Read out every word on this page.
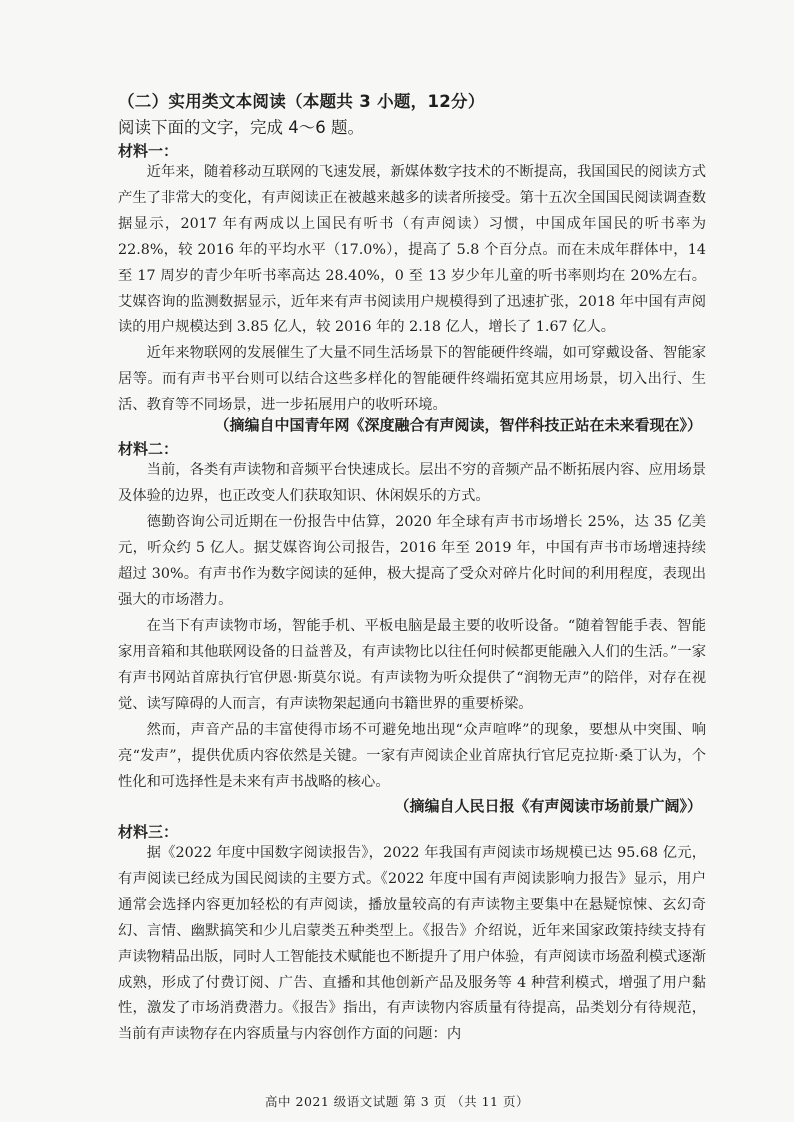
（二）实用类文本阅读（本题共 3 小题，12分）
阅读下面的文字，完成 4～6 题。
材料一：

近年来，随着移动互联网的飞速发展，新媒体数字技术的不断提高，我国国民的阅读方式产生了非常大的变化，有声阅读正在被越来越多的读者所接受。第十五次全国国民阅读调查数据显示，2017 年有两成以上国民有听书（有声阅读）习惯，中国成年国民的听书率为 22.8%，较 2016 年的平均水平（17.0%），提高了 5.8 个百分点。而在未成年群体中，14 至 17 周岁的青少年听书率高达 28.40%，0 至 13 岁少年儿童的听书率则均在 20%左右。艾媒咨询的监测数据显示，近年来有声书阅读用户规模得到了迅速扩张，2018 年中国有声阅读的用户规模达到 3.85 亿人，较 2016 年的 2.18 亿人，增长了 1.67 亿人。

近年来物联网的发展催生了大量不同生活场景下的智能硬件终端，如可穿戴设备、智能家居等。而有声书平台则可以结合这些多样化的智能硬件终端拓宽其应用场景，切入出行、生活、教育等不同场景，进一步拓展用户的收听环境。

（摘编自中国青年网《深度融合有声阅读，智伴科技正站在未来看现在》）
材料二：

当前，各类有声读物和音频平台快速成长。层出不穷的音频产品不断拓展内容、应用场景及体验的边界，也正改变人们获取知识、休闲娱乐的方式。

德勤咨询公司近期在一份报告中估算，2020 年全球有声书市场增长 25%，达 35 亿美元，听众约 5 亿人。据艾媒咨询公司报告，2016 年至 2019 年，中国有声书市场增速持续超过 30%。有声书作为数字阅读的延伸，极大提高了受众对碎片化时间的利用程度，表现出强大的市场潜力。

在当下有声读物市场，智能手机、平板电脑是最主要的收听设备。“随着智能手表、智能家用音箱和其他联网设备的日益普及，有声读物比以往任何时候都更能融入人们的生活。”一家有声书网站首席执行官伊恩·斯莫尔说。有声读物为听众提供了“润物无声”的陪伴，对存在视觉、读写障碍的人而言，有声读物架起通向书籍世界的重要桥梁。

然而，声音产品的丰富使得市场不可避免地出现“众声喧哗”的现象，要想从中突围、响亮“发声”，提供优质内容依然是关键。一家有声阅读企业首席执行官尼克拉斯·桑丁认为，个性化和可选择性是未来有声书战略的核心。

（摘编自人民日报《有声阅读市场前景广阔》）
材料三：

据《2022 年度中国数字阅读报告》，2022 年我国有声阅读市场规模已达 95.68 亿元，有声阅读已经成为国民阅读的主要方式。《2022 年度中国有声阅读影响力报告》显示，用户通常会选择内容更加轻松的有声阅读，播放量较高的有声读物主要集中在悬疑惊悚、玄幻奇幻、言情、幽默搞笑和少儿启蒙类五种类型上。《报告》介绍说，近年来国家政策持续支持有声读物精品出版，同时人工智能技术赋能也不断提升了用户体验，有声阅读市场盈利模式逐渐成熟，形成了付费订阅、广告、直播和其他创新产品及服务等 4 种营利模式，增强了用户黏性，激发了市场消费潜力。《报告》指出，有声读物内容质量有待提高，品类划分有待规范，当前有声读物存在内容质量与内容创作方面的问题：内

高中 2021 级语文试题 第 3 页 （共 11 页）
